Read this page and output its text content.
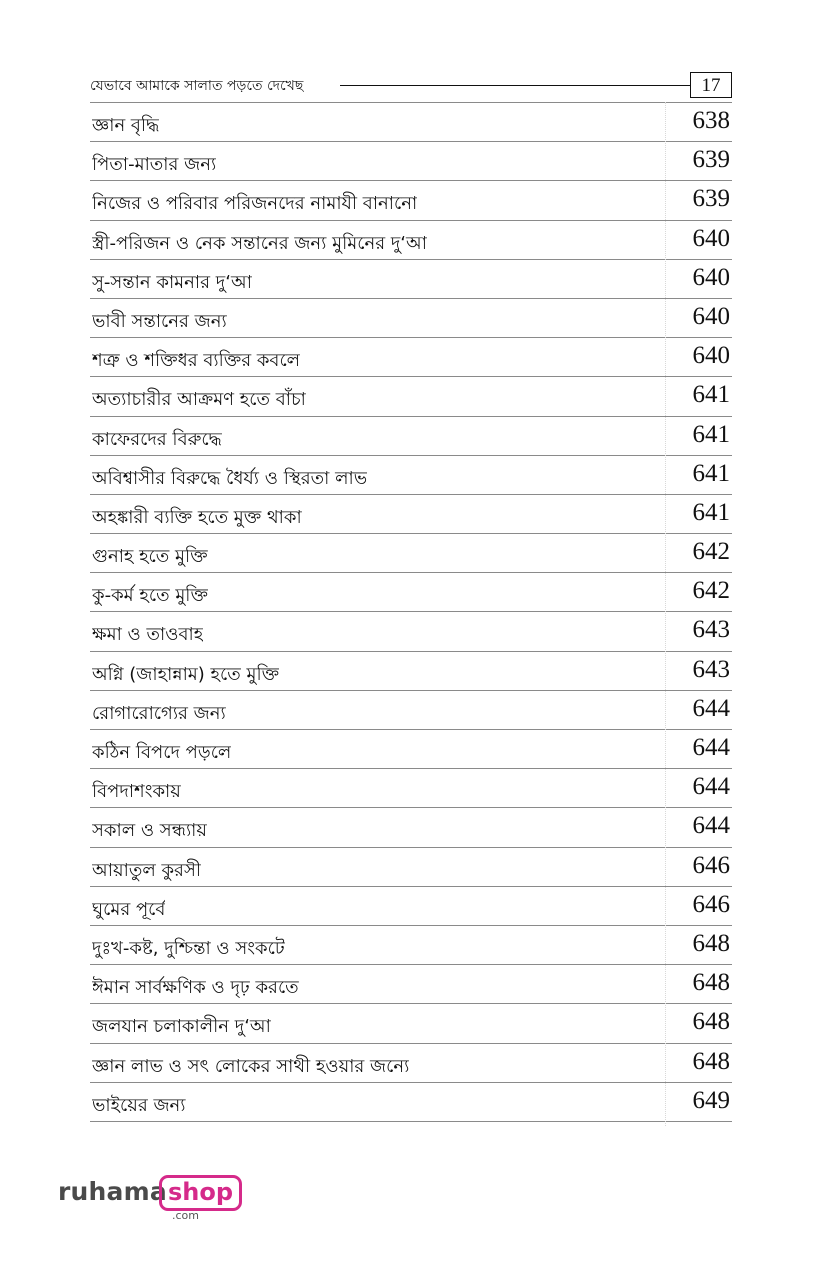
যেভাবে আমাকে সালাত পড়তে দেখেছ	17
জ্ঞান বৃদ্ধি	638
পিতা-মাতার জন্য	639
নিজের ও পরিবার পরিজনদের নামাযী বানানো	639
স্ত্রী-পরিজন ও নেক সন্তানের জন্য মুমিনের দু‘আ	640
সু-সন্তান কামনার দু‘আ	640
ভাবী সন্তানের জন্য	640
শত্রু ও শক্তিধর ব্যক্তির কবলে	640
অত্যাচারীর আক্রমণ হতে বাঁচা	641
কাফেরদের বিরুদ্ধে	641
অবিশ্বাসীর বিরুদ্ধে ধৈর্য্য ও স্থিরতা লাভ	641
অহঙ্কারী ব্যক্তি হতে মুক্ত থাকা	641
গুনাহ হতে মুক্তি	642
কু-কর্ম হতে মুক্তি	642
ক্ষমা ও তাওবাহ	643
অগ্নি (জাহান্নাম) হতে মুক্তি	643
রোগারোগ্যের জন্য	644
কঠিন বিপদে পড়লে	644
বিপদাশংকায়	644
সকাল ও সন্ধ্যায়	644
আয়াতুল কুরসী	646
ঘুমের পূর্বে	646
দুঃখ-কষ্ট, দুশ্চিন্তা ও সংকটে	648
ঈমান সার্বক্ষণিক ও দৃঢ় করতে	648
জলযান চলাকালীন দু‘আ	648
জ্ঞান লাভ ও সৎ লোকের সাথী হওয়ার জন্যে	648
ভাইয়ের জন্য	649
ruhama shop
.com
